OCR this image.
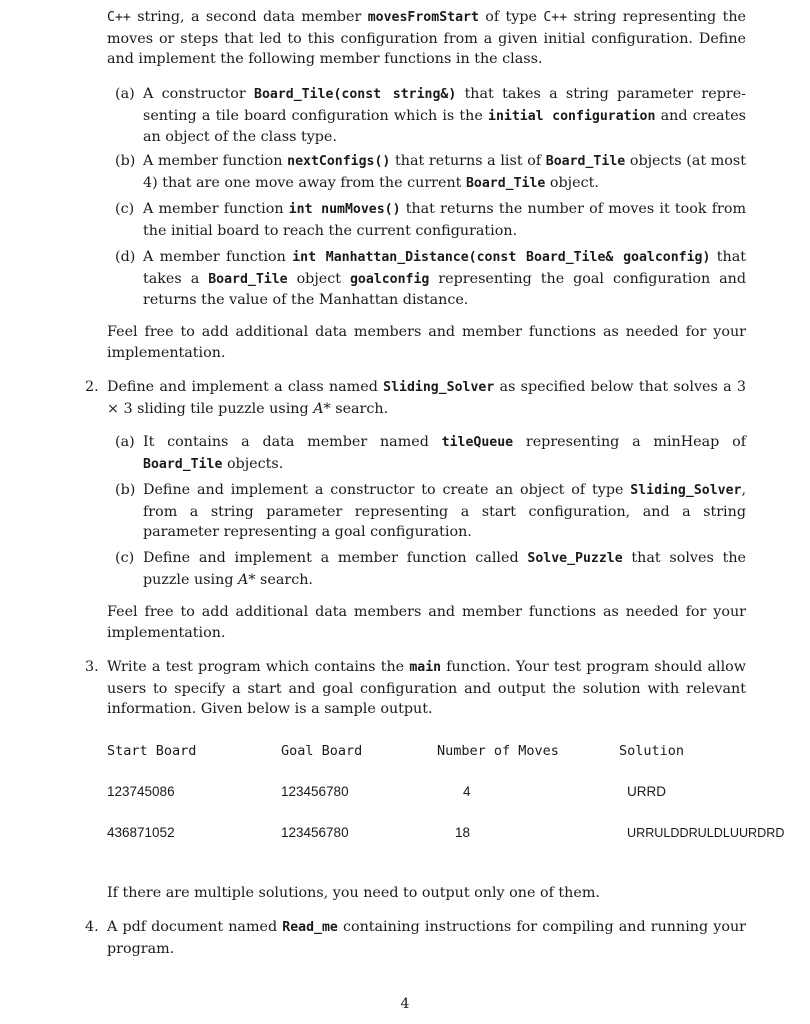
C++ string, a second data member movesFromStart of type C++ string representing the moves or steps that led to this configuration from a given initial configuration. Define and implement the following member functions in the class.
(a) A constructor Board_Tile(const string&) that takes a string parameter repre- senting a tile board configuration which is the initial configuration and creates an object of the class type.
(b) A member function nextConfigs() that returns a list of Board_Tile objects (at most 4) that are one move away from the current Board_Tile object.
(c) A member function int numMoves() that returns the number of moves it took from the initial board to reach the current configuration.
(d) A member function int Manhattan_Distance(const Board_Tile& goalconfig) that takes a Board_Tile object goalconfig representing the goal configuration and returns the value of the Manhattan distance.
Feel free to add additional data members and member functions as needed for your implementation.
2. Define and implement a class named Sliding_Solver as specified below that solves a 3 × 3 sliding tile puzzle using A* search.
(a) It contains a data member named tileQueue representing a minHeap of Board_Tile objects.
(b) Define and implement a constructor to create an object of type Sliding_Solver, from a string parameter representing a start configuration, and a string parameter representing a goal configuration.
(c) Define and implement a member function called Solve_Puzzle that solves the puzzle using A* search.
Feel free to add additional data members and member functions as needed for your implementation.
3. Write a test program which contains the main function. Your test program should allow users to specify a start and goal configuration and output the solution with relevant information. Given below is a sample output.
Start Board	Goal Board	Number of Moves	Solution
123745086	123456780	4	URRD
436871052	123456780	18	URRULDDRULDLUURDRD
If there are multiple solutions, you need to output only one of them.
4. A pdf document named Read_me containing instructions for compiling and running your program.
4
